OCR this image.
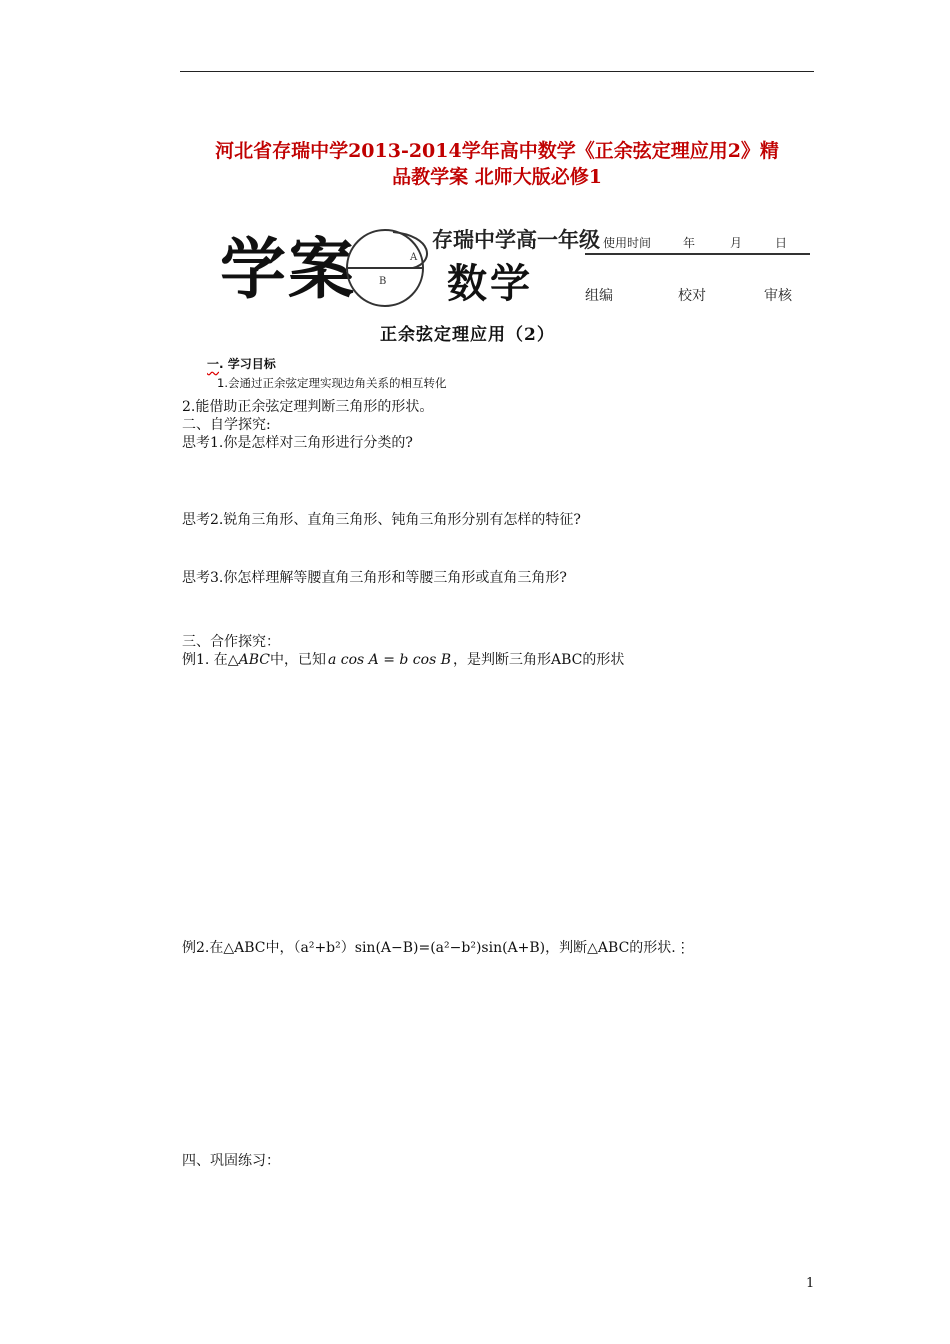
河北省存瑞中学2013-2014学年高中数学《正余弦定理应用2》精
品教学案 北师大版必修1
学案	A
B
存瑞中学高一年级
数学
使用时间	年	月	日
组编	校对	审核
正余弦定理应用（2）
一. 学习目标
1.会通过正余弦定理实现边角关系的相互转化
2.能借助正余弦定理判断三角形的形状。
二、自学探究:
思考1.你是怎样对三角形进行分类的?
思考2.锐角三角形、直角三角形、钝角三角形分别有怎样的特征?
思考3.你怎样理解等腰直角三角形和等腰三角形或直角三角形?
三、合作探究：
例1. 在△ABC中，已知 a cos A = b cos B ，是判断三角形ABC的形状
例2.在△ABC中，（a²+b²）sin(A−B)=(a²−b²)sin(A+B)，判断△ABC的形状.⋮
四、巩固练习：
1
